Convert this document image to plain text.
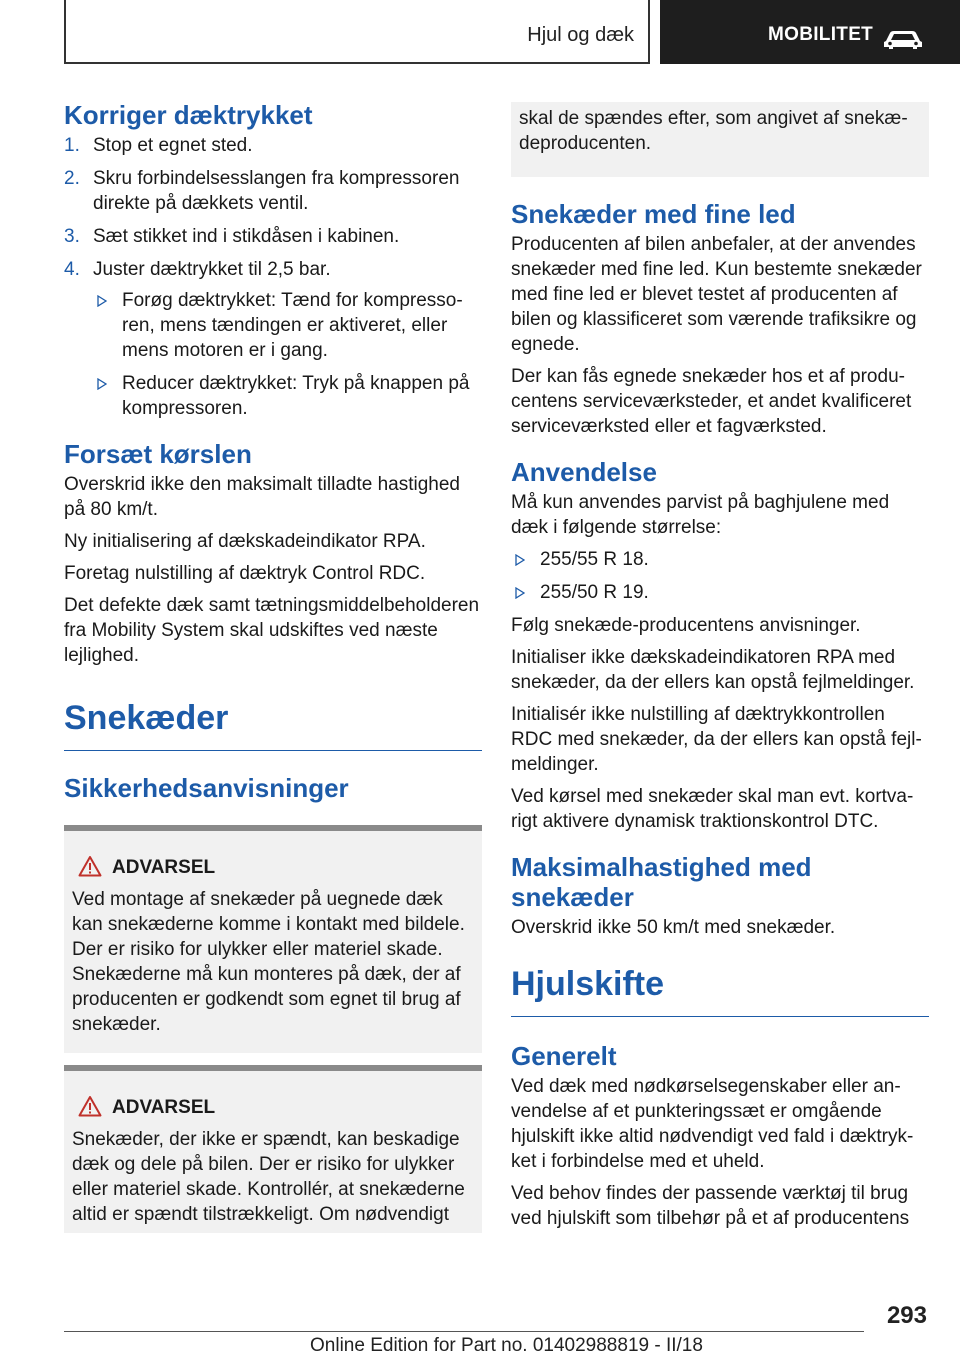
Hjul og dæk	MOBILITET
Korriger dæktrykket
1. Stop et egnet sted.
2. Skru forbindelsesslangen fra kompressoren direkte på dækkets ventil.
3. Sæt stikket ind i stikdåsen i kabinen.
4. Juster dæktrykket til 2,5 bar.
Forøg dæktrykket: Tænd for kompressoren, mens tændingen er aktiveret, eller mens motoren er i gang.
Reducer dæktrykket: Tryk på knappen på kompressoren.
Forsæt kørslen

Overskrid ikke den maksimalt tilladte hastighed på 80 km/t.

Ny initialisering af dækskadeindikator RPA.

Foretag nulstilling af dæktryk Control RDC.

Det defekte dæk samt tætningsmiddelbeholderen fra Mobility System skal udskiftes ved næste lejlighed.

Snekæder
Sikkerhedsanvisninger
ADVARSEL

Ved montage af snekæder på uegnede dæk kan snekæderne komme i kontakt med bildele. Der er risiko for ulykker eller materiel skade. Snekæderne må kun monteres på dæk, der af producenten er godkendt som egnet til brug af snekæder.

ADVARSEL

Snekæder, der ikke er spændt, kan beskadige dæk og dele på bilen. Der er risiko for ulykker eller materiel skade. Kontrollér, at snekæderne altid er spændt tilstrækkeligt. Om nødvendigt

skal de spændes efter, som angivet af snekædeproducenten.

Snekæder med fine led

Producenten af bilen anbefaler, at der anvendes snekæder med fine led. Kun bestemte snekæder med fine led er blevet testet af producenten af bilen og klassificeret som værende trafiksikre og egnede.

Der kan fås egnede snekæder hos et af producentens serviceværksteder, et andet kvalificeret serviceværksted eller et fagværksted.

Anvendelse

Må kun anvendes parvist på baghjulene med dæk i følgende størrelse:

255/55 R 18.
255/50 R 19.

Følg snekæde-producentens anvisninger.

Initialiser ikke dækskadeindikatoren RPA med snekæder, da der ellers kan opstå fejlmeldinger.

Initialisér ikke nulstilling af dæktrykkontrollen RDC med snekæder, da der ellers kan opstå fejlmeldinger.

Ved kørsel med snekæder skal man evt. kortvarigt aktivere dynamisk traktionskontrol DTC.

Maksimalhastighed med snekæder

Overskrid ikke 50 km/t med snekæder.

Hjulskifte
Generelt

Ved dæk med nødkørselsegenskaber eller anvendelse af et punkteringssæt er omgående hjulskift ikke altid nødvendigt ved fald i dæktrykket i forbindelse med et uheld.

Ved behov findes der passende værktøj til brug ved hjulskift som tilbehør på et af producentens

293
Online Edition for Part no. 01402988819 - II/18
